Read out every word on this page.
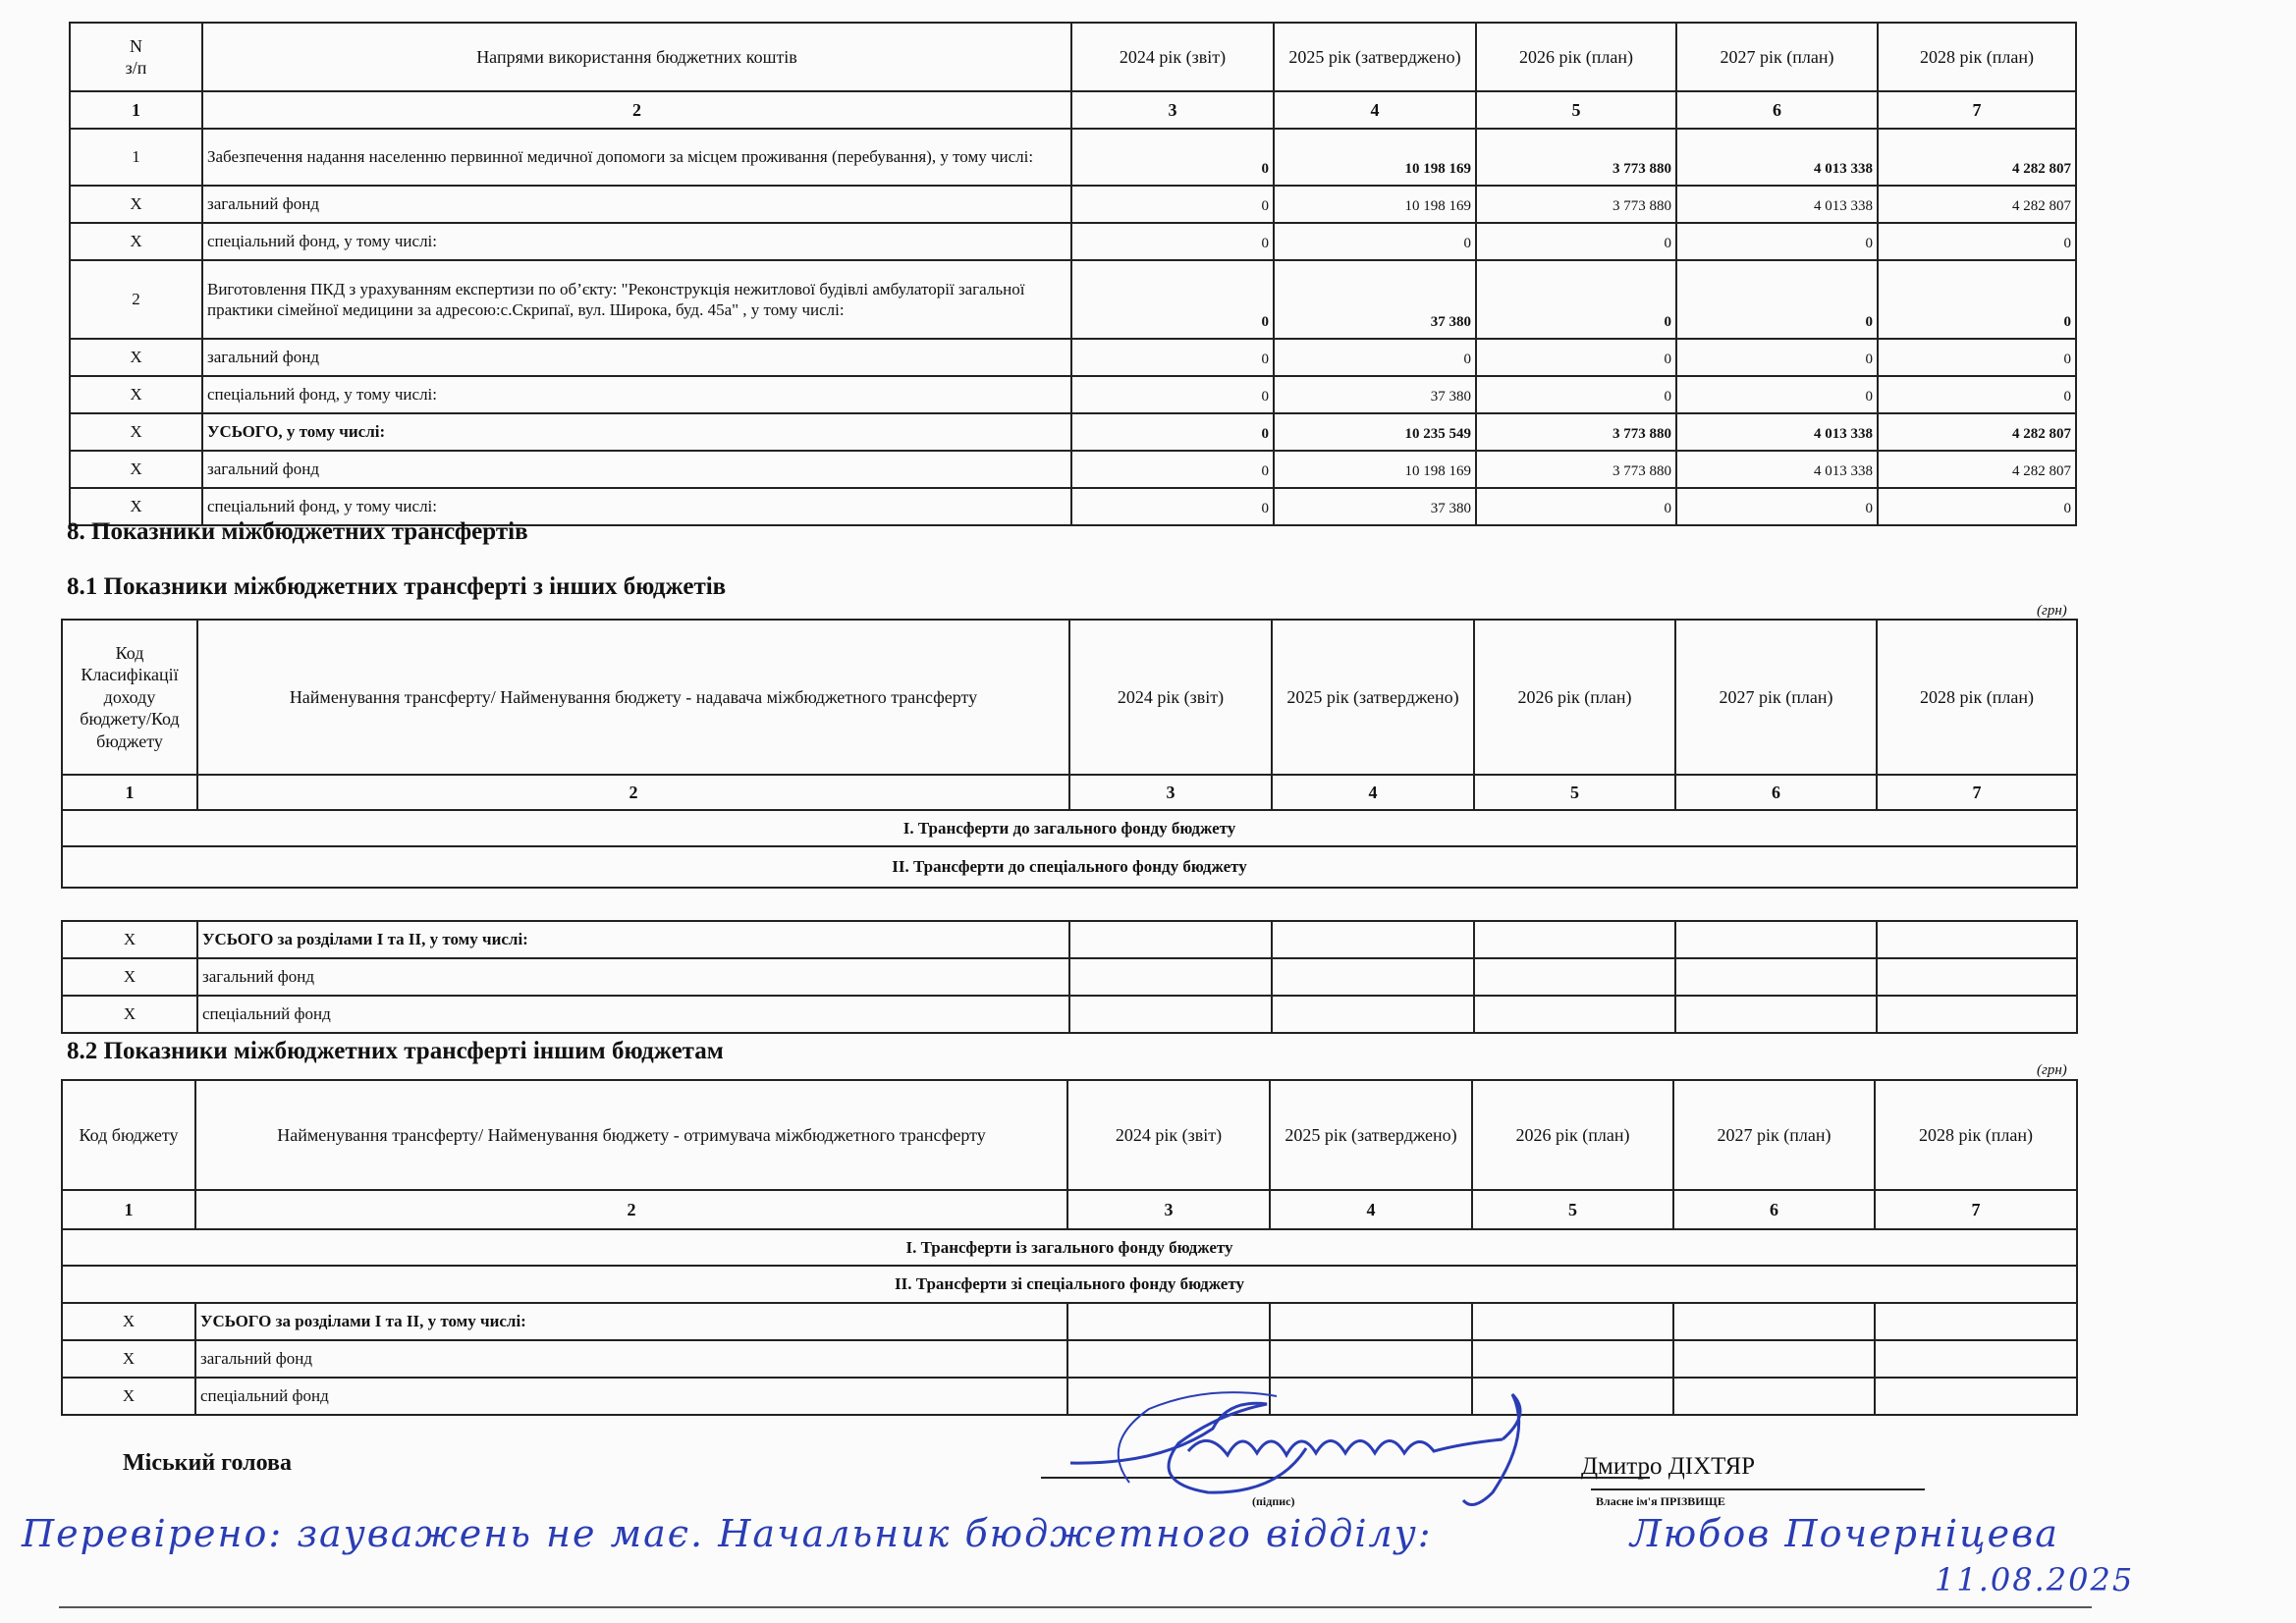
N
з/п	Напрями використання бюджетних коштів	2024 рік (звіт)	2025 рік (затверджено)	2026 рік (план)	2027 рік (план)	2028 рік (план)
1	2	3	4	5	6	7
1	Забезпечення надання населенню первинної медичної допомоги за місцем проживання (перебування), у тому числі:	0	10 198 169	3 773 880	4 013 338	4 282 807
X	загальний фонд	0	10 198 169	3 773 880	4 013 338	4 282 807
X	спеціальний фонд, у тому числі:	0	0	0	0	0
2	Виготовлення ПКД з урахуванням експертизи по об’єкту: "Реконструкція нежитлової будівлі амбулаторії загальної практики сімейної медицини за адресою:с.Скрипаї, вул. Широка, буд. 45а" , у тому числі:	0	37 380	0	0	0
X	загальний фонд	0	0	0	0	0
X	спеціальний фонд, у тому числі:	0	37 380	0	0	0
X	УСЬОГО, у тому числі:	0	10 235 549	3 773 880	4 013 338	4 282 807
X	загальний фонд	0	10 198 169	3 773 880	4 013 338	4 282 807
X	спеціальний фонд, у тому числі:	0	37 380	0	0	0
8. Показники міжбюджетних трансфертів
8.1 Показники міжбюджетних трансферті з інших бюджетів
(грн)
Код Класифікації доходу бюджету/Код бюджету	Найменування трансферту/ Найменування бюджету - надавача міжбюджетного трансферту	2024 рік (звіт)	2025 рік (затверджено)	2026 рік (план)	2027 рік (план)	2028 рік (план)
1	2	3	4	5	6	7
І. Трансферти до загального фонду бюджету						
ІІ. Трансферти до спеціального фонду бюджету						
X	УСЬОГО за розділами І та ІІ, у тому числі:					
X	загальний фонд					
X	спеціальний фонд					
8.2 Показники міжбюджетних трансферті іншим бюджетам
(грн)
Код бюджету	Найменування трансферту/ Найменування бюджету - отримувача міжбюджетного трансферту	2024 рік (звіт)	2025 рік (затверджено)	2026 рік (план)	2027 рік (план)	2028 рік (план)
1	2	3	4	5	6	7
І. Трансферти із загального фонду бюджету						
ІІ. Трансферти зі спеціального фонду бюджету						
X	УСЬОГО за розділами І та ІІ, у тому числі:					
X	загальний фонд					
X	спеціальний фонд					
Міський голова
(підпис)
Дмитро ДІХТЯР
Власне ім'я ПРІЗВИЩЕ
Перевірено: зауважень не має. Начальник бюджетного відділу:	Любов Почерніцева
11.08.2025
